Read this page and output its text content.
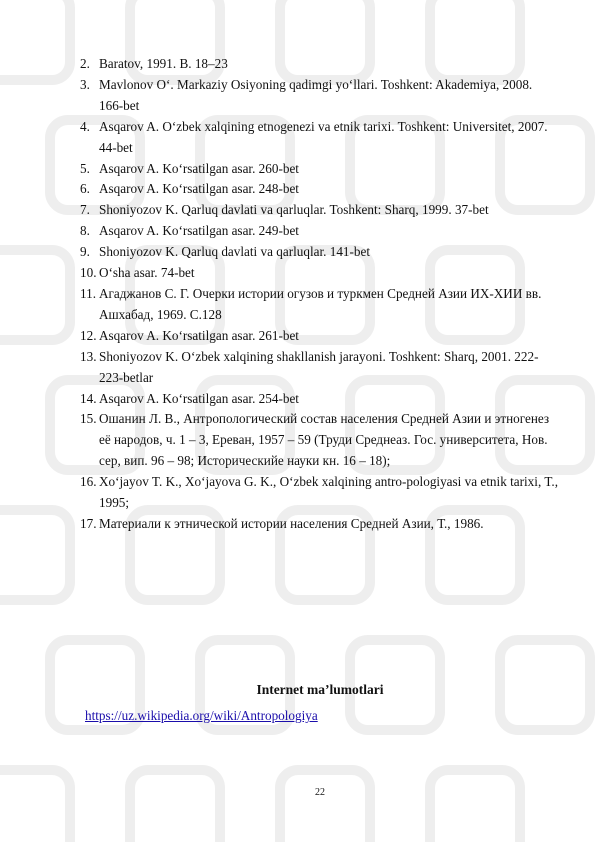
2. Baratov, 1991. B. 18–23
3. Mavlonov O‘. Markaziy Osiyoning qadimgi yo‘llari. Toshkent: Akademiya, 2008. 166-bet
4. Asqarov A. O‘zbek xalqining etnogenezi va etnik tarixi. Toshkent: Universitet, 2007. 44-bet
5. Asqarov A. Ko‘rsatilgan asar. 260-bet
6. Asqarov A. Ko‘rsatilgan asar. 248-bet
7. Shoniyozov K. Qarluq davlati va qarluqlar. Toshkent: Sharq, 1999. 37-bet
8. Asqarov A. Ko‘rsatilgan asar. 249-bet
9. Shoniyozov K. Qarluq davlati va qarluqlar. 141-bet
10. O‘sha asar. 74-bet
11. Агаджанов С. Г. Очерки истории огузов и туркмен Средней Азии ИХ-ХИИ вв. Ашхабад, 1969. С.128
12. Asqarov A. Ko‘rsatilgan asar. 261-bet
13. Shoniyozov K. O‘zbek xalqining shakllanish jarayoni. Toshkent: Sharq, 2001. 222-223-betlar
14. Asqarov A. Ko‘rsatilgan asar. 254-bet
15. Ошанин Л. В., Антропологический состав населения Средней Азии и этногенез её народов, ч. 1 – 3, Ереван, 1957 – 59 (Труди Среднеаз. Гос. университета, Нов. сер, вип. 96 – 98; Историческийе науки кн. 16 – 18);
16. Xo‘jayov T. K., Xo‘jayova G. K., O‘zbek xalqining antro-pologiyasi va etnik tarixi, T., 1995;
17. Материали к этнической истории населения Средней Азии, Т., 1986.
Internet ma’lumotlari
https://uz.wikipedia.org/wiki/Antropologiya
22
